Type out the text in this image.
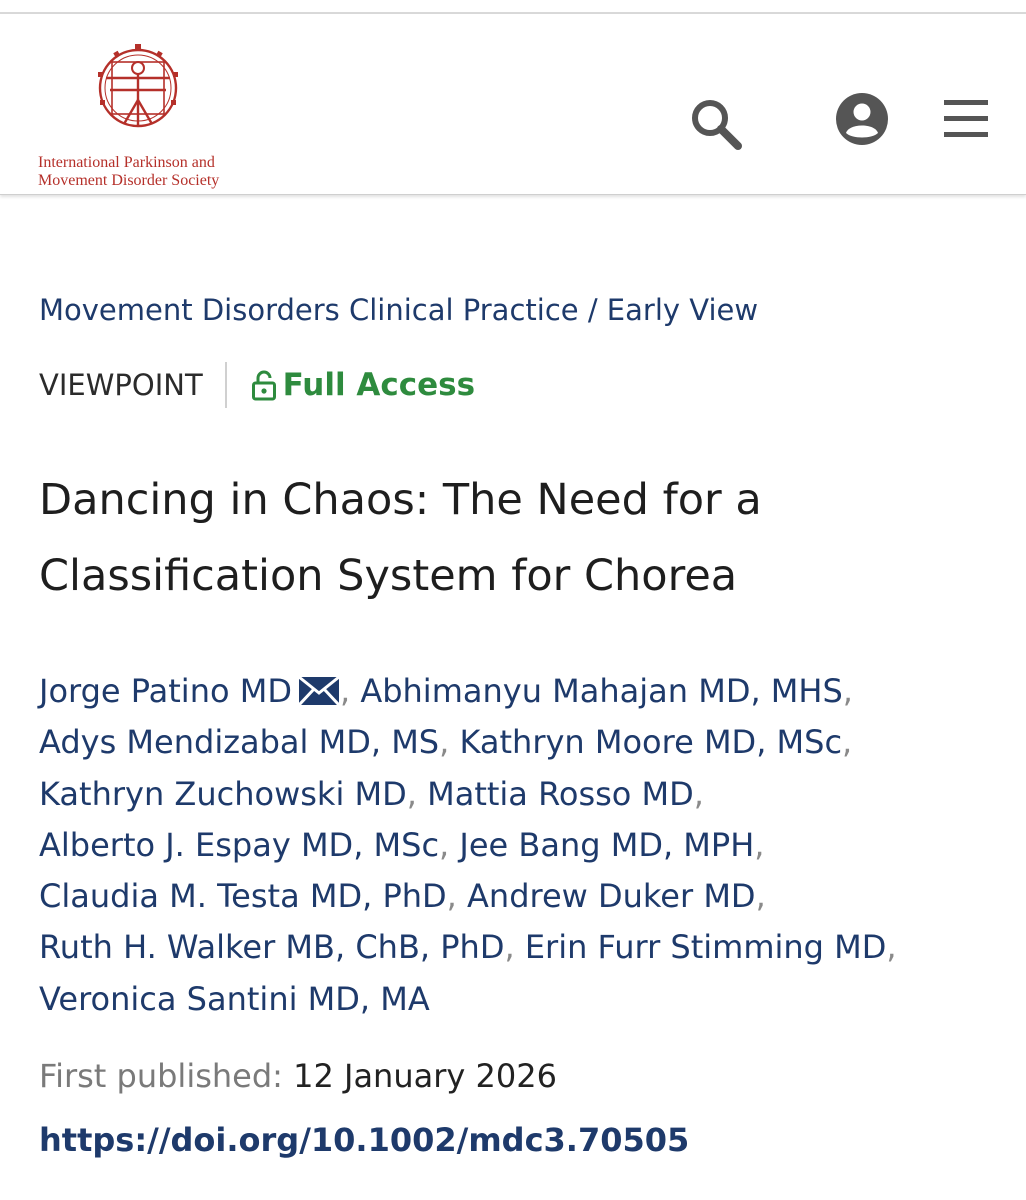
International Parkinson and
Movement Disorder Society
Movement Disorders Clinical Practice / Early View
VIEWPOINT	Full Access
Dancing in Chaos: The Need for a
Classification System for Chorea
Jorge Patino MD , Abhimanyu Mahajan MD, MHS,
Adys Mendizabal MD, MS, Kathryn Moore MD, MSc,
Kathryn Zuchowski MD, Mattia Rosso MD,
Alberto J. Espay MD, MSc, Jee Bang MD, MPH,
Claudia M. Testa MD, PhD, Andrew Duker MD,
Ruth H. Walker MB, ChB, PhD, Erin Furr Stimming MD,
Veronica Santini MD, MA
First published: 12 January 2026
https://doi.org/10.1002/mdc3.70505
